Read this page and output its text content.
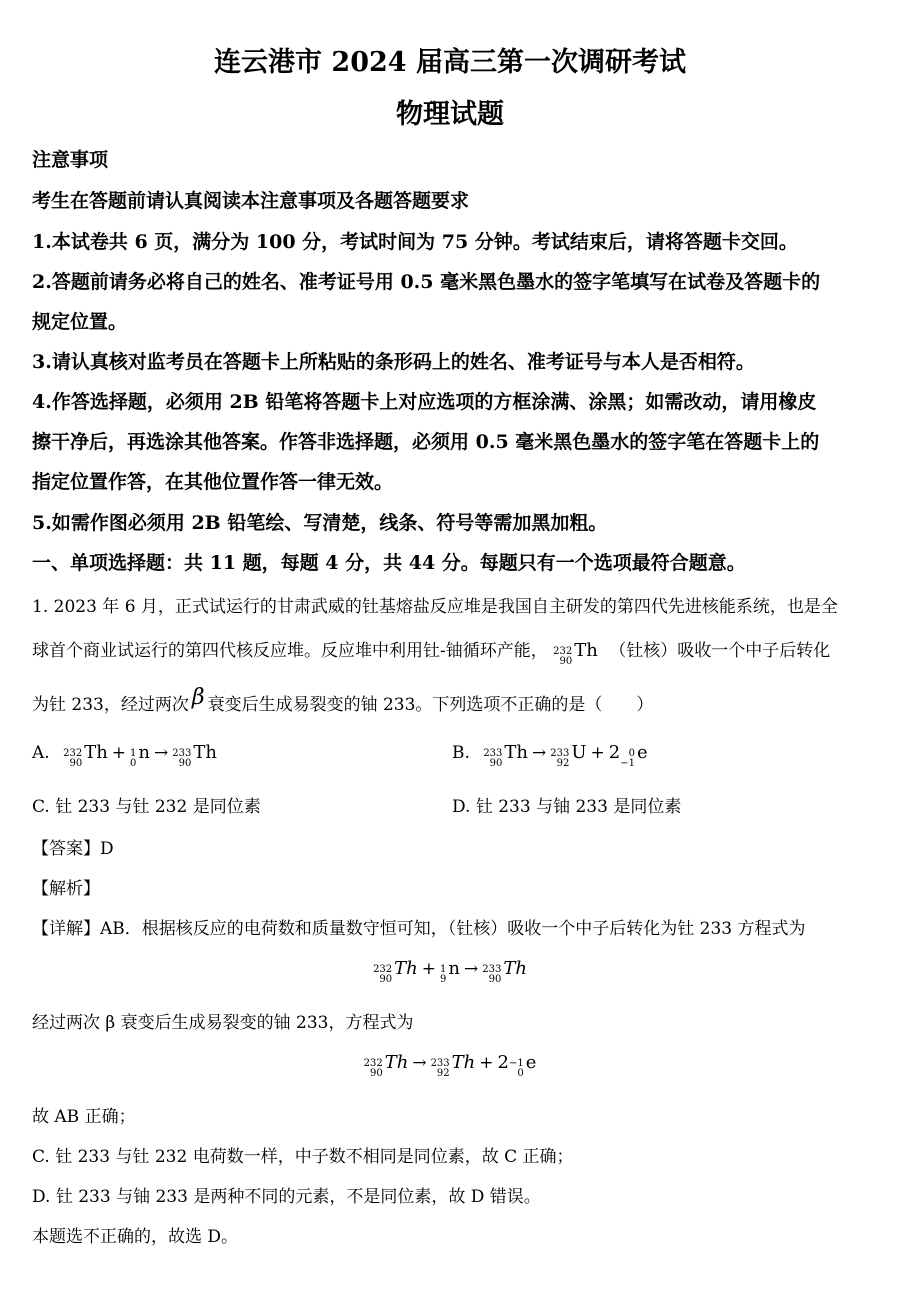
连云港市 2024 届高三第一次调研考试
物理试题
注意事项
考生在答题前请认真阅读本注意事项及各题答题要求
1.本试卷共 6 页，满分为 100 分，考试时间为 75 分钟。考试结束后，请将答题卡交回。
2.答题前请务必将自己的姓名、准考证号用 0.5 毫米黑色墨水的签字笔填写在试卷及答题卡的
规定位置。
3.请认真核对监考员在答题卡上所粘贴的条形码上的姓名、准考证号与本人是否相符。
4.作答选择题，必须用 2B 铅笔将答题卡上对应选项的方框涂满、涂黑；如需改动，请用橡皮
擦干净后，再选涂其他答案。作答非选择题，必须用 0.5 毫米黑色墨水的签字笔在答题卡上的
指定位置作答，在其他位置作答一律无效。
5.如需作图必须用 2B 铅笔绘、写清楚，线条、符号等需加黑加粗。
一、单项选择题：共 11 题，每题 4 分，共 44 分。每题只有一个选项最符合题意。
1. 2023 年 6 月，正式试运行的甘肃武威的钍基熔盐反应堆是我国自主研发的第四代先进核能系统，也是全
球首个商业试运行的第四代核反应堆。反应堆中利用钍-铀循环产能， 232
90
Th （钍核）吸收一个中子后转化
为钍 233，经过两次 β 衰变后生成易裂变的铀 233。下列选项不正确的是（　　）
A. 232
90
Th + 1
0
n → 233
90
Th	B. 233
90
Th → 233
92
U + 2 0
−1
e
C. 钍 233 与钍 232 是同位素	D. 钍 233 与铀 233 是同位素
【答案】D
【解析】
【详解】AB．根据核反应的电荷数和质量数守恒可知，（钍核）吸收一个中子后转化为钍 233 方程式为
232
90
Th + 1
9
n → 233
90
Th
经过两次 β 衰变后生成易裂变的铀 233，方程式为
232
90
Th → 233
92
Th + 2 −1
0
e
故 AB 正确；
C. 钍 233 与钍 232 电荷数一样，中子数不相同是同位素，故 C 正确；
D. 钍 233 与铀 233 是两种不同的元素，不是同位素，故 D 错误。
本题选不正确的，故选 D。
